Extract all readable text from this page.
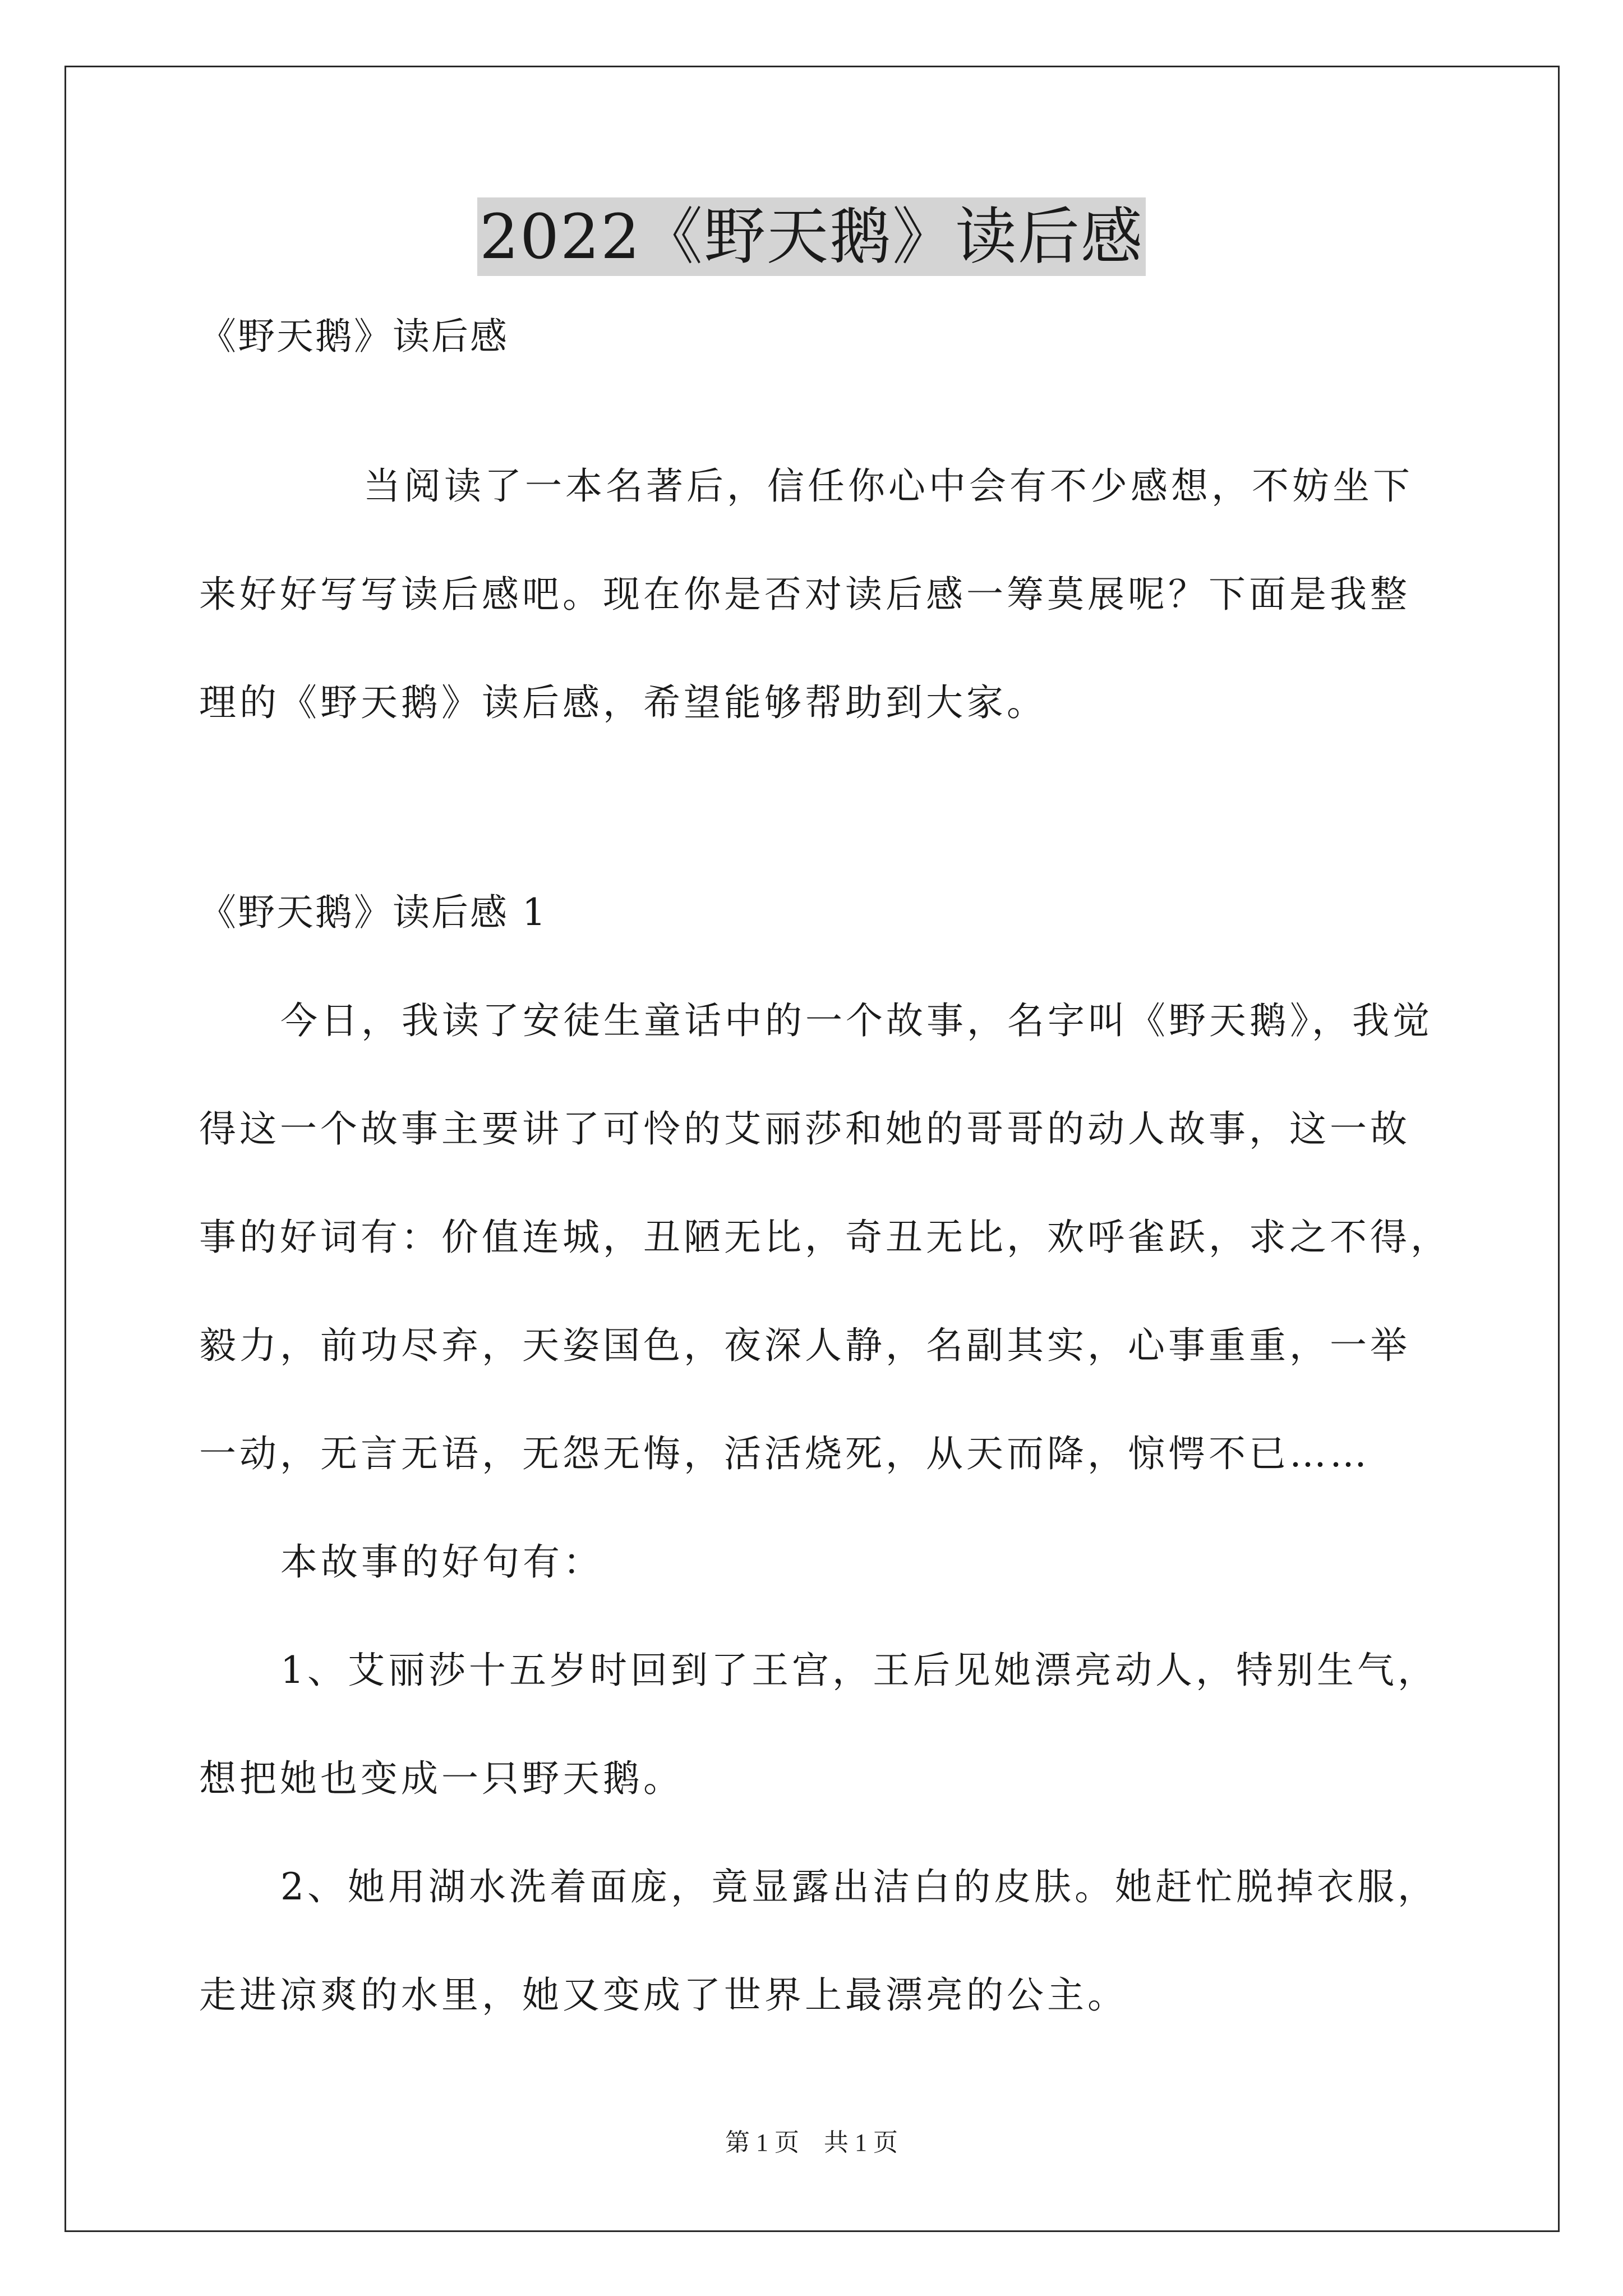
2022《野天鹅》读后感
《野天鹅》读后感
当阅读了一本名著后，信任你心中会有不少感想，不妨坐下
来好好写写读后感吧。现在你是否对读后感一筹莫展呢？下面是我整
理的《野天鹅》读后感，希望能够帮助到大家。
《野天鹅》读后感 1
今日，我读了安徒生童话中的一个故事，名字叫《野天鹅》，我觉
得这一个故事主要讲了可怜的艾丽莎和她的哥哥的动人故事，这一故
事的好词有：价值连城，丑陋无比，奇丑无比，欢呼雀跃，求之不得，
毅力，前功尽弃，天姿国色，夜深人静，名副其实，心事重重，一举
一动，无言无语，无怨无悔，活活烧死，从天而降，惊愕不已……
本故事的好句有：
1、艾丽莎十五岁时回到了王宫，王后见她漂亮动人，特别生气，
想把她也变成一只野天鹅。
2、她用湖水洗着面庞，竟显露出洁白的皮肤。她赶忙脱掉衣服，
走进凉爽的水里，她又变成了世界上最漂亮的公主。
第 1 页　共 1 页
